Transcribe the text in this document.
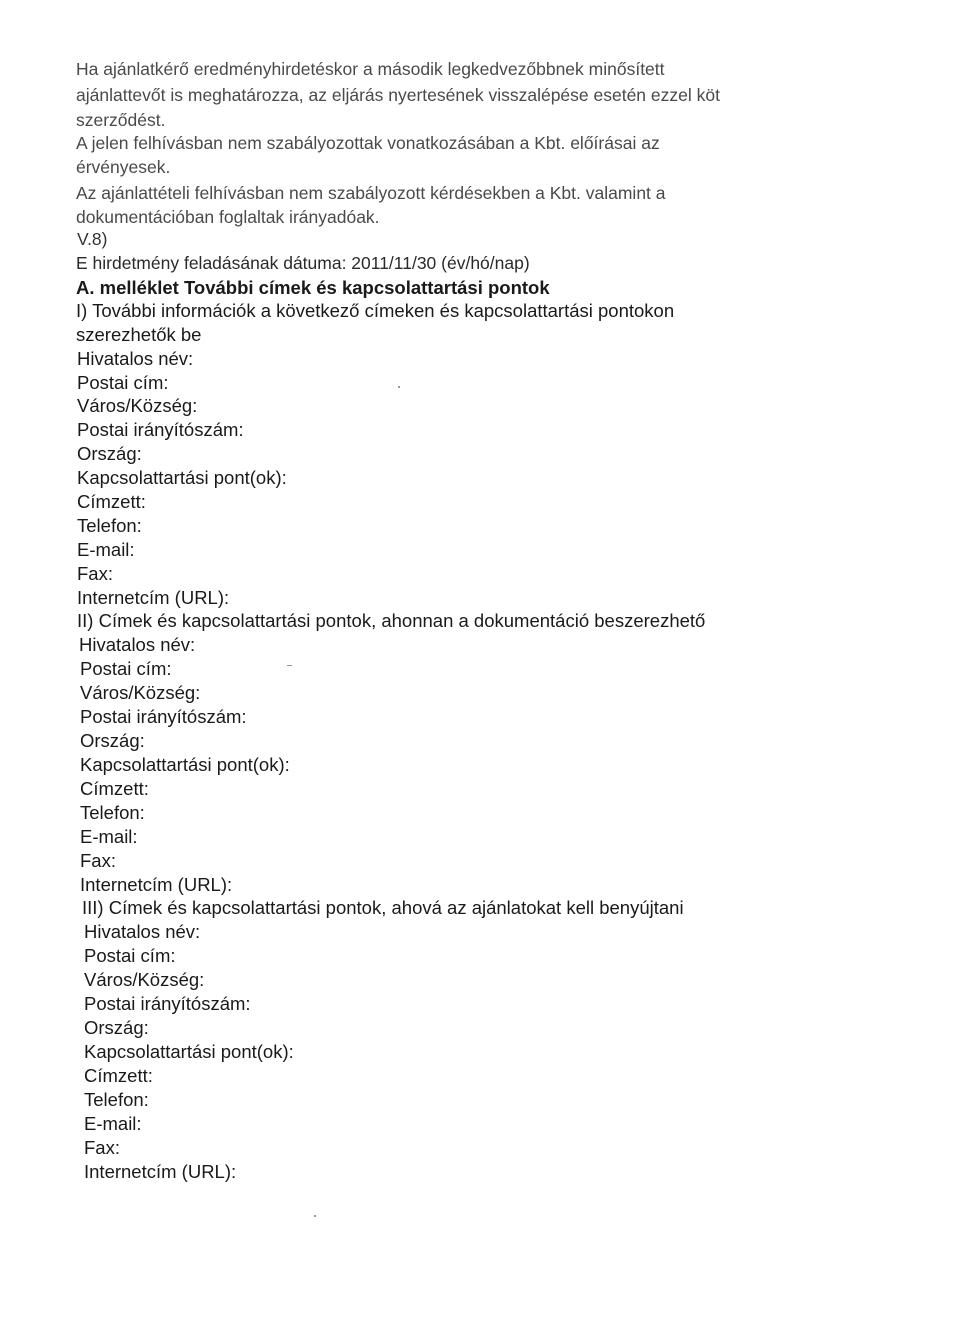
Ha ajánlatkérő eredményhirdetéskor a második legkedvezőbbnek minősített
ajánlattevőt is meghatározza, az eljárás nyertesének visszalépése esetén ezzel köt
szerződést.
A jelen felhívásban nem szabályozottak vonatkozásában a Kbt. előírásai az
érvényesek.
Az ajánlattételi felhívásban nem szabályozott kérdésekben a Kbt. valamint a
dokumentációban foglaltak irányadóak.
V.8)
E hirdetmény feladásának dátuma: 2011/11/30 (év/hó/nap)
A. melléklet További címek és kapcsolattartási pontok
I) További információk a következő címeken és kapcsolattartási pontokon
szerezhetők be
Hivatalos név:
Postai cím:
Város/Község:
Postai irányítószám:
Ország:
Kapcsolattartási pont(ok):
Címzett:
Telefon:
E-mail:
Fax:
Internetcím (URL):
II) Címek és kapcsolattartási pontok, ahonnan a dokumentáció beszerezhető
Hivatalos név:
Postai cím:
Város/Község:
Postai irányítószám:
Ország:
Kapcsolattartási pont(ok):
Címzett:
Telefon:
E-mail:
Fax:
Internetcím (URL):
III) Címek és kapcsolattartási pontok, ahová az ajánlatokat kell benyújtani
Hivatalos név:
Postai cím:
Város/Község:
Postai irányítószám:
Ország:
Kapcsolattartási pont(ok):
Címzett:
Telefon:
E-mail:
Fax:
Internetcím (URL):
